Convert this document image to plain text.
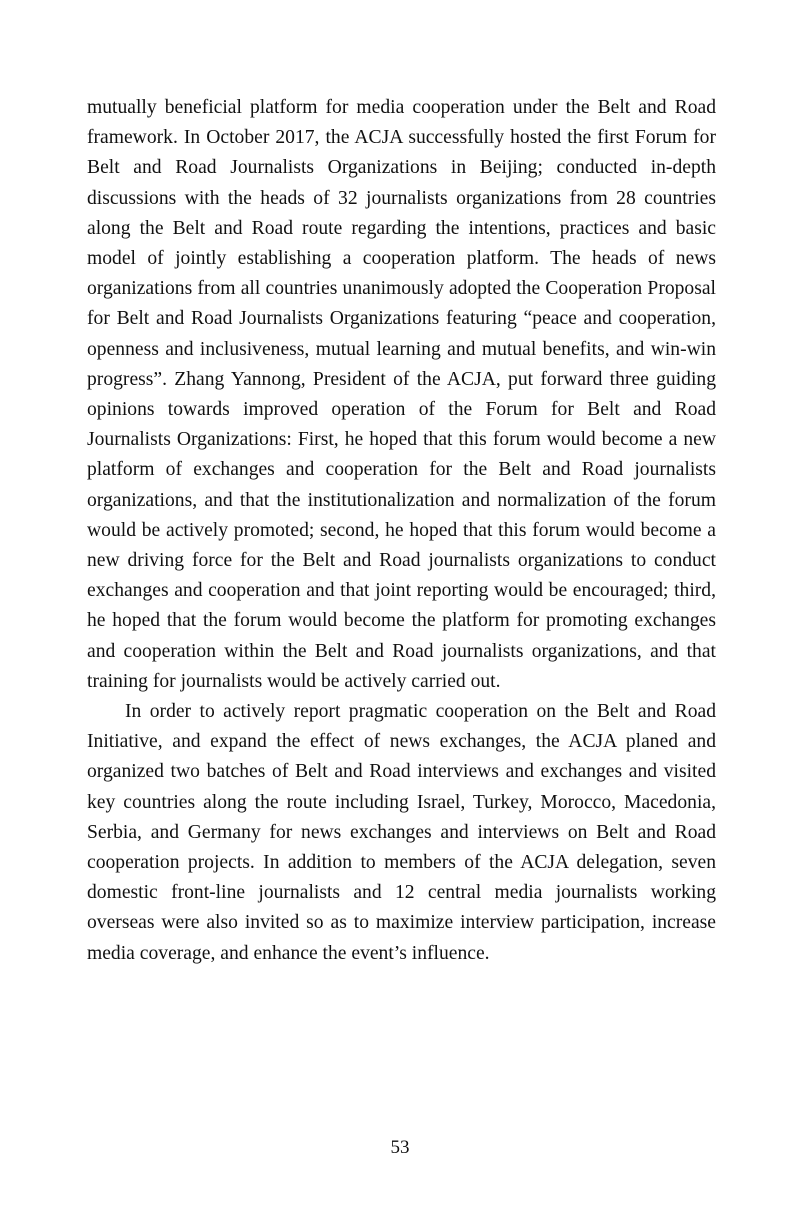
mutually beneficial platform for media cooperation under the Belt and Road framework. In October 2017, the ACJA successfully hosted the first Forum for Belt and Road Journalists Organizations in Beijing; conducted in-depth discussions with the heads of 32 journalists organizations from 28 countries along the Belt and Road route regarding the intentions, practices and basic model of jointly establishing a cooperation platform. The heads of news organizations from all countries unanimously adopted the Cooperation Proposal for Belt and Road Journalists Organizations featuring “peace and cooperation, openness and inclusiveness, mutual learning and mutual benefits, and win-win progress”. Zhang Yannong, President of the ACJA, put forward three guiding opinions towards improved operation of the Forum for Belt and Road Journalists Organizations: First, he hoped that this forum would become a new platform of exchanges and cooperation for the Belt and Road journalists organizations, and that the institutionalization and normalization of the forum would be actively promoted; second, he hoped that this forum would become a new driving force for the Belt and Road journalists organizations to conduct exchanges and cooperation and that joint reporting would be encouraged; third, he hoped that the forum would become the platform for promoting exchanges and cooperation within the Belt and Road journalists organizations, and that training for journalists would be actively carried out.

In order to actively report pragmatic cooperation on the Belt and Road Initiative, and expand the effect of news exchanges, the ACJA planed and organized two batches of Belt and Road interviews and exchanges and visited key countries along the route including Israel, Turkey, Morocco, Macedonia, Serbia, and Germany for news exchanges and interviews on Belt and Road cooperation projects. In addition to members of the ACJA delegation, seven domestic front-line journalists and 12 central media journalists working overseas were also invited so as to maximize interview participation, increase media coverage, and enhance the event’s influence.

53
